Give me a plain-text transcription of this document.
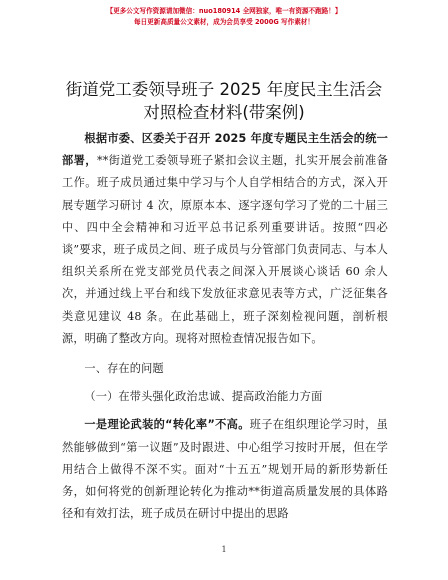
【更多公文写作资源请加微信：nuo180914 全网独家，唯一有资源不跑路！】
每日更新高质量公文素材，成为会员享受 2000G 写作素材！
街道党工委领导班子 2025 年度民主生活会对照检查材料(带案例)

根据市委、区委关于召开 2025 年度专题民主生活会的统一部署，**街道党工委领导班子紧扣会议主题，扎实开展会前准备工作。班子成员通过集中学习与个人自学相结合的方式，深入开展专题学习研讨 4 次，原原本本、逐字逐句学习了党的二十届三中、四中全会精神和习近平总书记系列重要讲话。按照“四必谈”要求，班子成员之间、班子成员与分管部门负责同志、与本人组织关系所在党支部党员代表之间深入开展谈心谈话 60 余人次，并通过线上平台和线下发放征求意见表等方式，广泛征集各类意见建议 48 条。在此基础上，班子深刻检视问题，剖析根源，明确了整改方向。现将对照检查情况报告如下。

一、存在的问题

（一）在带头强化政治忠诚、提高政治能力方面

一是理论武装的“转化率”不高。班子在组织理论学习时，虽然能够做到“第一议题”及时跟进、中心组学习按时开展，但在学用结合上做得不深不实。面对“十五五”规划开局的新形势新任务，如何将党的创新理论转化为推动**街道高质量发展的具体路径和有效打法，班子成员在研讨中提出的思路

1
